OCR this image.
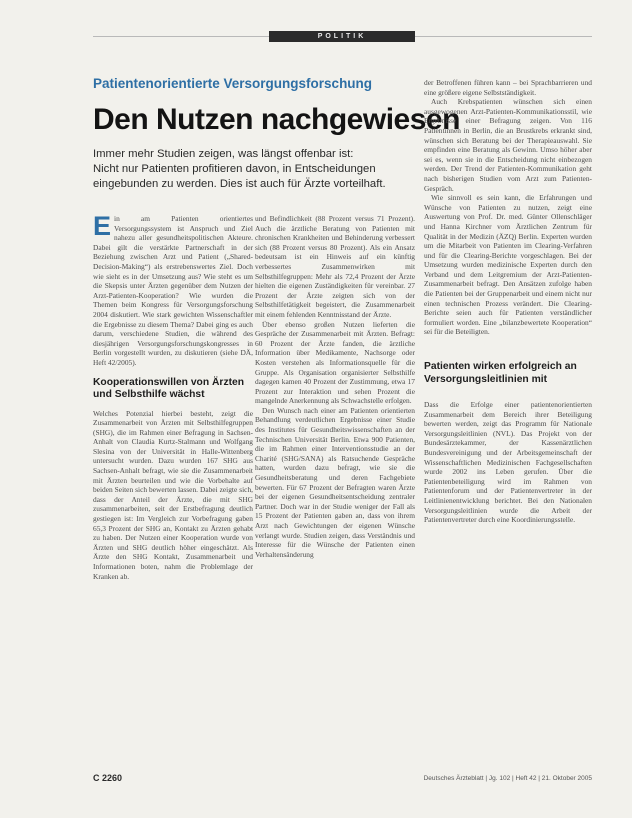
POLITIK
Patientenorientierte Versorgungsforschung
Den Nutzen nachgewiesen
Immer mehr Studien zeigen, was längst offenbar ist:
Nicht nur Patienten profitieren davon, in Entscheidungen
eingebunden zu werden. Dies ist auch für Ärzte vorteilhaft.

Ein am Patienten orientiertes Versorgungssystem ist Anspruch und Ziel nahezu aller gesundheitspolitischen Akteure. Dabei gilt die verstärkte Partnerschaft in der Beziehung zwischen Arzt und Patient („Shared-Decision-Making“) als erstrebenswertes Ziel. Doch wie sieht es in der Umsetzung aus? Wie steht es um die Skepsis unter Ärzten gegenüber dem Nutzen der Arzt-Patienten-Kooperation? Wie wurden die Themen beim Kongress für Versorgungsforschung 2004 diskutiert. Wie stark gewichten Wissenschaftler die Ergebnisse zu diesem Thema? Dabei ging es auch darum, verschiedene Studien, die während des diesjährigen Versorgungsforschungskongresses in Berlin vorgestellt wurden, zu diskutieren (siehe DÄ, Heft 42/2005).

Kooperationswillen von Ärzten und Selbsthilfe wächst

Welches Potenzial hierbei besteht, zeigt die Zusammenarbeit von Ärzten mit Selbsthilfegruppen (SHG), die im Rahmen einer Befragung in Sachsen-Anhalt von Claudia Kurtz-Stalmann und Wolfgang Slesina von der Universität in Halle-Wittenberg untersucht wurden. Dazu wurden 167 SHG aus Sachsen-Anhalt befragt, wie sie die Zusammenarbeit mit Ärzten beurteilen und wie die Vorbehalte auf beiden Seiten sich bewerten lassen. Dabei zeigte sich, dass der Anteil der Ärzte, die mit SHG zusammenarbeiten, seit der Erstbefragung deutlich gestiegen ist: Im Vergleich zur Vorbefragung gaben 65,3 Prozent der SHG an, Kontakt zu Ärzten gehabt zu haben. Der Nutzen einer Kooperation wurde von Ärzten und SHG deutlich höher eingeschätzt. Als Ärzte den SHG Kontakt, Zusammenarbeit und Informationen boten, nahm die Problemlage der Kranken ab.

und Befindlichkeit (88 Prozent versus 71 Prozent). Auch die ärztliche Beratung von Patienten mit chronischen Krankheiten und Behinderung verbessert sich (88 Prozent versus 80 Prozent). Als ein Ansatz bedeutsam ist ein Hinweis auf ein künftig verbessertes Zusammenwirken mit Selbsthilfegruppen: Mehr als 72,4 Prozent der Ärzte hielten die eigenen Zuständigkeiten für vereinbar. 27 Prozent der Ärzte zeigten sich von der Selbsthilfetätigkeit begeistert, die Zusammenarbeit mit einem fehlenden Kenntnisstand der Ärzte.

Über ebenso großen Nutzen lieferten die Gespräche der Zusammenarbeit mit Ärzten. Befragt: 60 Prozent der Ärzte fanden, die ärztliche Information über Medikamente, Nachsorge oder Kosten verstehen als Informationsquelle für die Gruppe. Als Organisation organisierter Selbsthilfe dagegen kamen 40 Prozent der Zustimmung, etwa 17 Prozent zur Interaktion und sehen Prozent die mangelnde Anerkennung als Schwachstelle erfolgen.

Den Wunsch nach einer am Patienten orientierten Behandlung verdeutlichen Ergebnisse einer Studie des Institutes für Gesundheitswissenschaften an der Technischen Universität Berlin. Etwa 900 Patienten, die im Rahmen einer Interventionsstudie an der Charité (SHG/SANA) als Ratsuchende Gespräche hatten, wurden dazu befragt, wie sie die Gesundheitsberatung und deren Fachgebiete bewerten. Für 67 Prozent der Befragten waren Ärzte bei der eigenen Gesundheitsentscheidung zentraler Partner. Doch war in der Studie weniger der Fall als 15 Prozent der Patienten gaben an, dass von ihrem Arzt nach Gewichtungen der eigenen Wünsche verlangt wurde. Studien zeigen, dass Verständnis und Interesse für die Wünsche der Patienten einen Verhaltensänderung

der Betroffenen führen kann – bei Sprachbarrieren und eine größere eigene Selbstständigkeit.

Auch Krebspatienten wünschen sich einen ausgewogenen Arzt-Patienten-Kommunikationsstil, wie Ergebnisse einer Befragung zeigen. Von 116 Patientinnen in Berlin, die an Brustkrebs erkrankt sind, wünschen sich Beratung bei der Therapieauswahl. Sie empfinden eine Beratung als Gewinn. Umso höher aber sei es, wenn sie in die Entscheidung nicht einbezogen werden. Der Trend der Patienten-Kommunikation geht nach bisherigen Studien vom Arzt zum Patienten-Gespräch.

Wie sinnvoll es sein kann, die Erfahrungen und Wünsche von Patienten zu nutzen, zeigt eine Auswertung von Prof. Dr. med. Günter Ollenschläger und Hanna Kirchner vom Ärztlichen Zentrum für Qualität in der Medizin (ÄZQ) Berlin. Experten wurden um die Mitarbeit von Patienten im Clearing-Verfahren und für die Clearing-Berichte vorgeschlagen. Bei der Umsetzung wurden medizinische Experten durch den Verband und dem Leitgremium der Arzt-Patienten-Zusammenarbeit befragt. Den Ansätzen zufolge haben die Patienten bei der Gruppenarbeit und einem nicht nur einen technischen Prozess verändert. Die Clearing-Berichte seien auch für Patienten verständlicher formuliert worden. Eine „bilanzbewertete Kooperation“ sei für die Beteiligten.

Patienten wirken erfolgreich an Versorgungsleitlinien mit

Dass die Erfolge einer patientenorientierten Zusammenarbeit dem Bereich ihrer Beteiligung bewerten werden, zeigt das Programm für Nationale Versorgungsleitlinien (NVL). Das Projekt von der Bundesärztekammer, der Kassenärztlichen Bundesvereinigung und der Arbeitsgemeinschaft der Wissenschaftlichen Medizinischen Fachgesellschaften wurde 2002 ins Leben gerufen. Über die Patientenbeteiligung wird im Rahmen von Patientenforum und der Patientenvertreter in der Leitlinienentwicklung berichtet. Bei den Nationalen Versorgungsleitlinien wurde die Arbeit der Patientenvertreter durch eine Koordinierungsstelle.

C 2260	Deutsches Ärzteblatt | Jg. 102 | Heft 42 | 21. Oktober 2005
